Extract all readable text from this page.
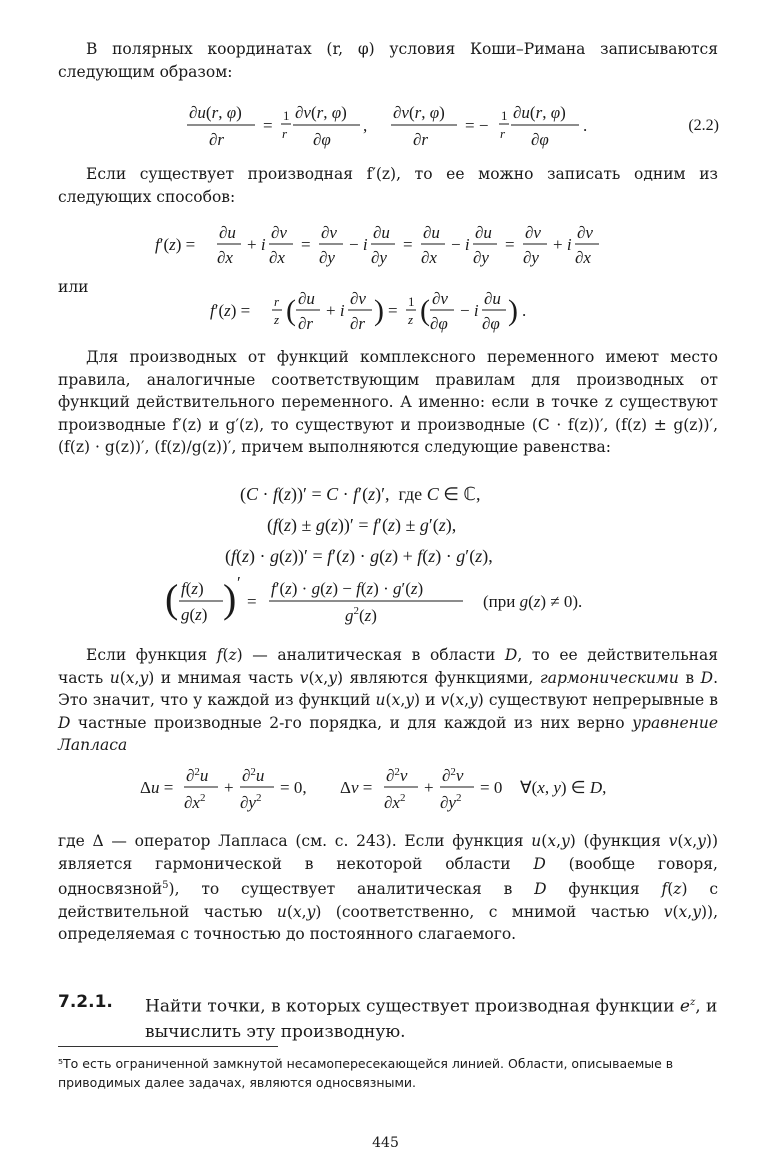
В полярных координатах (r, φ) условия Коши–Римана записываются следующим образом:
∂u(r, φ)
∂r
=
1
r
∂v(r, φ)
∂φ
,
∂v(r, φ)
∂r
= −
1
r
∂u(r, φ)
∂φ
.	(2.2)
Если существует производная f′(z), то ее можно записать одним из следующих способов:
f′(z) =
∂u
∂x
+ i
∂v
∂x
=
∂v
∂y
− i
∂u
∂y
=
∂u
∂x
− i
∂u
∂y
=
∂v
∂y
+ i
∂v
∂x
или
f′(z) = r
z ( ∂u
∂r
+ i
∂v
∂r ) = 1
z ( ∂v
∂φ
− i
∂u
∂φ ) .
Для производных от функций комплексного переменного имеют место правила, аналогичные соответствующим правилам для производных от функций действительного переменного. А именно: если в точке z существуют производные f′(z) и g′(z), то существуют и производные (C · f(z))′, (f(z) ± g(z))′, (f(z) · g(z))′, (f(z)/g(z))′, причем выполняются следующие равенства:
(C · f(z))′ = C · f′(z)′,  где C ∈ ℂ,
(f(z) ± g(z))′ = f′(z) ± g′(z),
(f(z) · g(z))′ = f′(z) · g(z) + f(z) · g′(z),
( f(z)
g(z) ) ′
=
f′(z) · g(z) − f(z) · g′(z)
$g^2(z)$
(при g(z) ≠ 0).
Если функция f(z) — аналитическая в области D, то ее действительная часть u(x,y) и мнимая часть v(x,y) являются функциями, гармоническими в D. Это значит, что у каждой из функций u(x,y) и v(x,y) существуют непрерывные в D частные производные 2-го порядка, и для каждой из них верно уравнение Лапласа
Δu =
∂$^2$u
$\partial x^2$
+
∂$^2$u
$\partial y^2$
= 0, Δv =
∂$^2$v
$\partial x^2$
+
∂$^2$v
$\partial y^2$
= 0 ∀(x, y) ∈ D,
где Δ — оператор Лапласа (см. с. 243). Если функция u(x,y) (функция v(x,y)) является гармонической в некоторой области D (вообще говоря, односвязной$^5$), то существует аналитическая в D функция f(z) с действительной частью u(x,y) (соответственно, с мнимой частью v(x,y)), определяемая с точностью до постоянного слагаемого.
7.2.1. Найти точки, в которых существует производная функции $e^z$, и вычислить эту производную.
⁵То есть ограниченной замкнутой несамопересекающейся линией. Области, описываемые в приводимых далее задачах, являются односвязными.
445
